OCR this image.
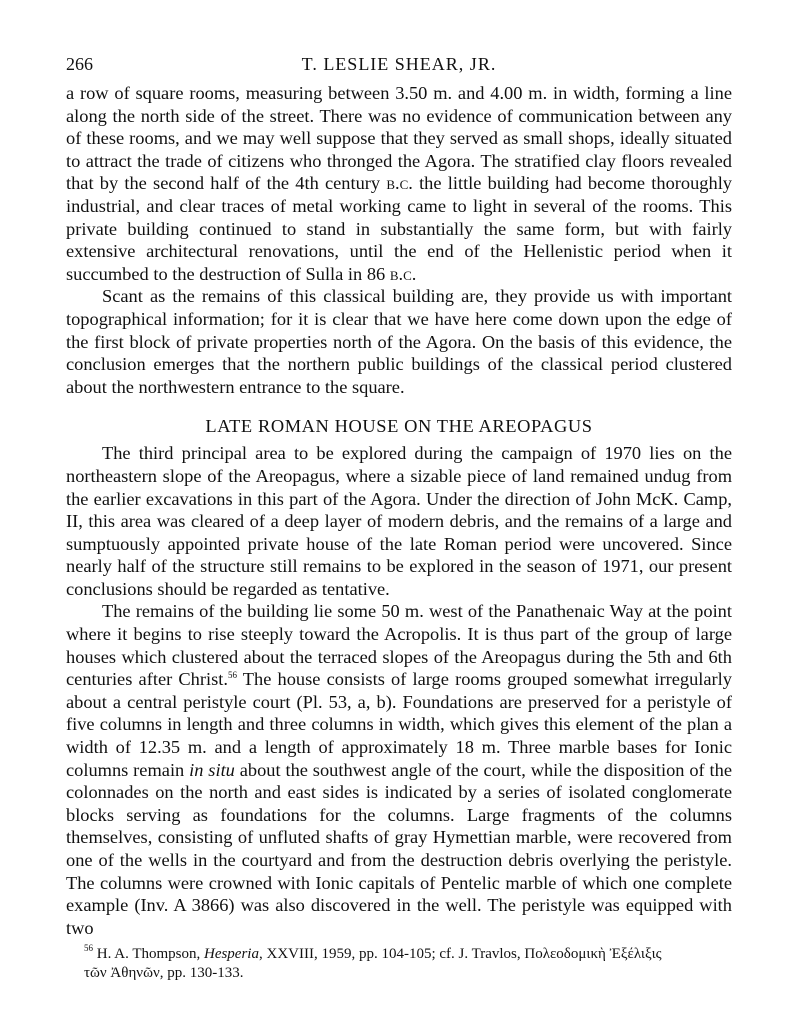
266	T. LESLIE SHEAR, JR.

a row of square rooms, measuring between 3.50 m. and 4.00 m. in width, forming a line along the north side of the street. There was no evidence of communication between any of these rooms, and we may well suppose that they served as small shops, ideally situated to attract the trade of citizens who thronged the Agora. The stratified clay floors revealed that by the second half of the 4th century b.c. the little building had become thoroughly industrial, and clear traces of metal working came to light in several of the rooms. This private building continued to stand in substantially the same form, but with fairly extensive architectural renovations, until the end of the Hellenistic period when it succumbed to the destruction of Sulla in 86 b.c.

Scant as the remains of this classical building are, they provide us with important topographical information; for it is clear that we have here come down upon the edge of the first block of private properties north of the Agora. On the basis of this evidence, the conclusion emerges that the northern public buildings of the classical period clustered about the northwestern entrance to the square.

LATE ROMAN HOUSE ON THE AREOPAGUS

The third principal area to be explored during the campaign of 1970 lies on the northeastern slope of the Areopagus, where a sizable piece of land remained undug from the earlier excavations in this part of the Agora. Under the direction of John McK. Camp, II, this area was cleared of a deep layer of modern debris, and the remains of a large and sumptuously appointed private house of the late Roman period were uncovered. Since nearly half of the structure still remains to be explored in the season of 1971, our present conclusions should be regarded as tentative.

The remains of the building lie some 50 m. west of the Panathenaic Way at the point where it begins to rise steeply toward the Acropolis. It is thus part of the group of large houses which clustered about the terraced slopes of the Areopagus during the 5th and 6th centuries after Christ.$^{56}$ The house consists of large rooms grouped somewhat irregularly about a central peristyle court (Pl. 53, a, b). Foundations are preserved for a peristyle of five columns in length and three columns in width, which gives this element of the plan a width of 12.35 m. and a length of approximately 18 m. Three marble bases for Ionic columns remain in situ about the southwest angle of the court, while the disposition of the colonnades on the north and east sides is indicated by a series of isolated conglomerate blocks serving as foundations for the columns. Large fragments of the columns themselves, consisting of unfluted shafts of gray Hymettian marble, were recovered from one of the wells in the courtyard and from the destruction debris overlying the peristyle. The columns were crowned with Ionic capitals of Pentelic marble of which one complete example (Inv. A 3866) was also discovered in the well. The peristyle was equipped with two

$^{56}$ H. A. Thompson, Hesperia, XXVIII, 1959, pp. 104-105; cf. J. Travlos, Πολεοδομικὴ Ἐξέλιξις
τῶν Ἀθηνῶν, pp. 130-133.
